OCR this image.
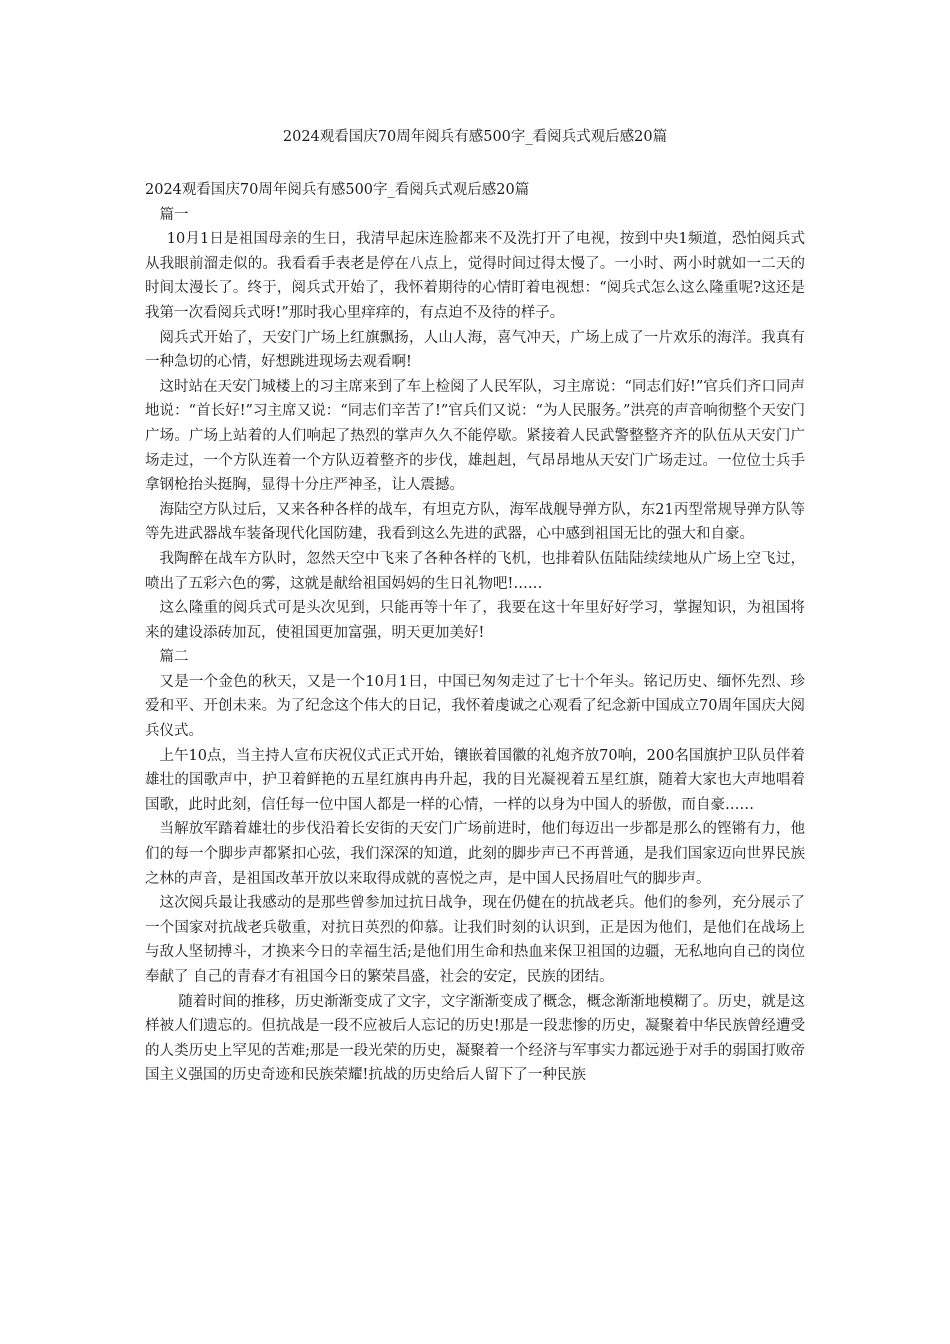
2024观看国庆70周年阅兵有感500字_看阅兵式观后感20篇

2024观看国庆70周年阅兵有感500字_看阅兵式观后感20篇

篇一

10月1日是祖国母亲的生日，我清早起床连脸都来不及洗打开了电视，按到中央1频道，恐怕阅兵式从我眼前溜走似的。我看看手表老是停在八点上，觉得时间过得太慢了。一小时、两小时就如一二天的时间太漫长了。终于，阅兵式开始了，我怀着期待的心情盯着电视想：“阅兵式怎么这么隆重呢?这还是我第一次看阅兵式呀!”那时我心里痒痒的，有点迫不及待的样子。

阅兵式开始了，天安门广场上红旗飘扬，人山人海，喜气冲天，广场上成了一片欢乐的海洋。我真有一种急切的心情，好想跳进现场去观看啊!

这时站在天安门城楼上的习主席来到了车上检阅了人民军队，习主席说：“同志们好!”官兵们齐口同声地说：“首长好!”习主席又说：“同志们辛苦了!”官兵们又说：“为人民服务。”洪亮的声音响彻整个天安门广场。广场上站着的人们响起了热烈的掌声久久不能停歇。紧接着人民武警整整齐齐的队伍从天安门广场走过，一个方队连着一个方队迈着整齐的步伐，雄赳赳，气昂昂地从天安门广场走过。一位位士兵手拿钢枪抬头挺胸，显得十分庄严神圣，让人震撼。

海陆空方队过后，又来各种各样的战车，有坦克方队，海军战舰导弹方队，东21丙型常规导弹方队等等先进武器战车装备现代化国防建，我看到这么先进的武器，心中感到祖国无比的强大和自豪。

我陶醉在战车方队时，忽然天空中飞来了各种各样的飞机，也排着队伍陆陆续续地从广场上空飞过，喷出了五彩六色的雾，这就是献给祖国妈妈的生日礼物吧!……

这么隆重的阅兵式可是头次见到，只能再等十年了，我要在这十年里好好学习，掌握知识，为祖国将来的建设添砖加瓦，使祖国更加富强，明天更加美好!

篇二

又是一个金色的秋天，又是一个10月1日，中国已匆匆走过了七十个年头。铭记历史、缅怀先烈、珍爱和平、开创未来。为了纪念这个伟大的日记，我怀着虔诚之心观看了纪念新中国成立70周年国庆大阅兵仪式。

上午10点，当主持人宣布庆祝仪式正式开始，镶嵌着国徽的礼炮齐放70响，200名国旗护卫队员伴着雄壮的国歌声中，护卫着鲜艳的五星红旗冉冉升起，我的目光凝视着五星红旗，随着大家也大声地唱着国歌，此时此刻，信任每一位中国人都是一样的心情，一样的以身为中国人的骄傲，而自豪……

当解放军踏着雄壮的步伐沿着长安街的天安门广场前进时，他们每迈出一步都是那么的铿锵有力，他们的每一个脚步声都紧扣心弦，我们深深的知道，此刻的脚步声已不再普通，是我们国家迈向世界民族之林的声音，是祖国改革开放以来取得成就的喜悦之声，是中国人民扬眉吐气的脚步声。

这次阅兵最让我感动的是那些曾参加过抗日战争，现在仍健在的抗战老兵。他们的参列，充分展示了一个国家对抗战老兵敬重，对抗日英烈的仰慕。让我们时刻的认识到，正是因为他们，是他们在战场上与敌人坚韧搏斗，才换来今日的幸福生活;是他们用生命和热血来保卫祖国的边疆，无私地向自己的岗位奉献了 自己的青春才有祖国今日的繁荣昌盛，社会的安定，民族的团结。

随着时间的推移，历史渐渐变成了文字，文字渐渐变成了概念，概念渐渐地模糊了。历史，就是这样被人们遗忘的。但抗战是一段不应被后人忘记的历史!那是一段悲惨的历史，凝聚着中华民族曾经遭受的人类历史上罕见的苦难;那是一段光荣的历史，凝聚着一个经济与军事实力都远逊于对手的弱国打败帝国主义强国的历史奇迹和民族荣耀!抗战的历史给后人留下了一种民族
